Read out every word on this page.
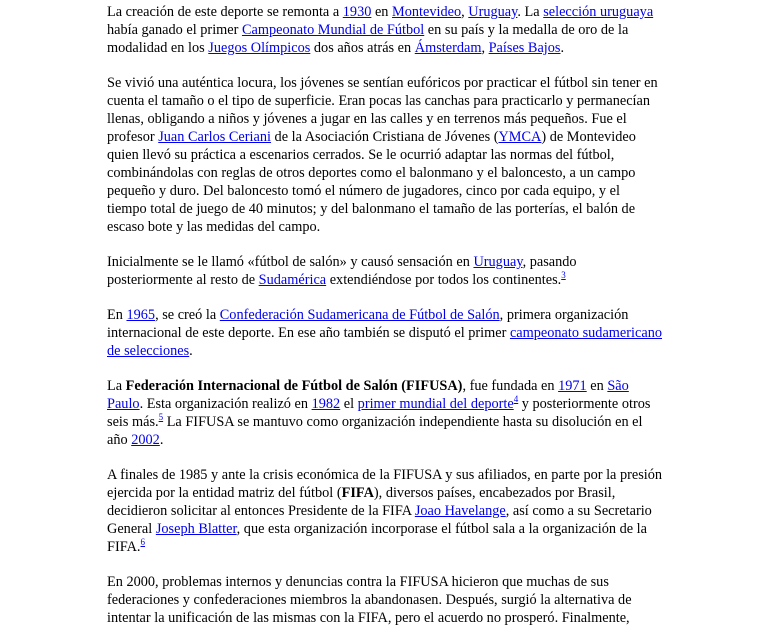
La creación de este deporte se remonta a 1930 en Montevideo, Uruguay. La selección uruguaya había ganado el primer Campeonato Mundial de Fútbol en su país y la medalla de oro de la modalidad en los Juegos Olímpicos dos años atrás en Ámsterdam, Países Bajos.

Se vivió una auténtica locura, los jóvenes se sentían eufóricos por practicar el fútbol sin tener en cuenta el tamaño o el tipo de superficie. Eran pocas las canchas para practicarlo y permanecían llenas, obligando a niños y jóvenes a jugar en las calles y en terrenos más pequeños. Fue el profesor Juan Carlos Ceriani de la Asociación Cristiana de Jóvenes (YMCA) de Montevideo quien llevó su práctica a escenarios cerrados. Se le ocurrió adaptar las normas del fútbol, combinándolas con reglas de otros deportes como el balonmano y el baloncesto, a un campo pequeño y duro. Del baloncesto tomó el número de jugadores, cinco por cada equipo, y el tiempo total de juego de 40 minutos; y del balonmano el tamaño de las porterías, el balón de escaso bote y las medidas del campo.

Inicialmente se le llamó «fútbol de salón» y causó sensación en Uruguay, pasando posteriormente al resto de Sudamérica extendiéndose por todos los continentes.$^3$

En 1965, se creó la Confederación Sudamericana de Fútbol de Salón, primera organización internacional de este deporte. En ese año también se disputó el primer campeonato sudamericano de selecciones.

La Federación Internacional de Fútbol de Salón (FIFUSA), fue fundada en 1971 en São Paulo. Esta organización realizó en 1982 el primer mundial del deporte$^4$ y posteriormente otros seis más.$^5$ La FIFUSA se mantuvo como organización independiente hasta su disolución en el año 2002.

A finales de 1985 y ante la crisis económica de la FIFUSA y sus afiliados, en parte por la presión ejercida por la entidad matriz del fútbol (FIFA), diversos países, encabezados por Brasil, decidieron solicitar al entonces Presidente de la FIFA Joao Havelange, así como a su Secretario General Joseph Blatter, que esta organización incorporase el fútbol sala a la organización de la FIFA.$^6$

En 2000, problemas internos y denuncias contra la FIFUSA hicieron que muchas de sus federaciones y confederaciones miembros la abandonasen. Después, surgió la alternativa de intentar la unificación de las mismas con la FIFA, pero el acuerdo no prosperó. Finalmente,
